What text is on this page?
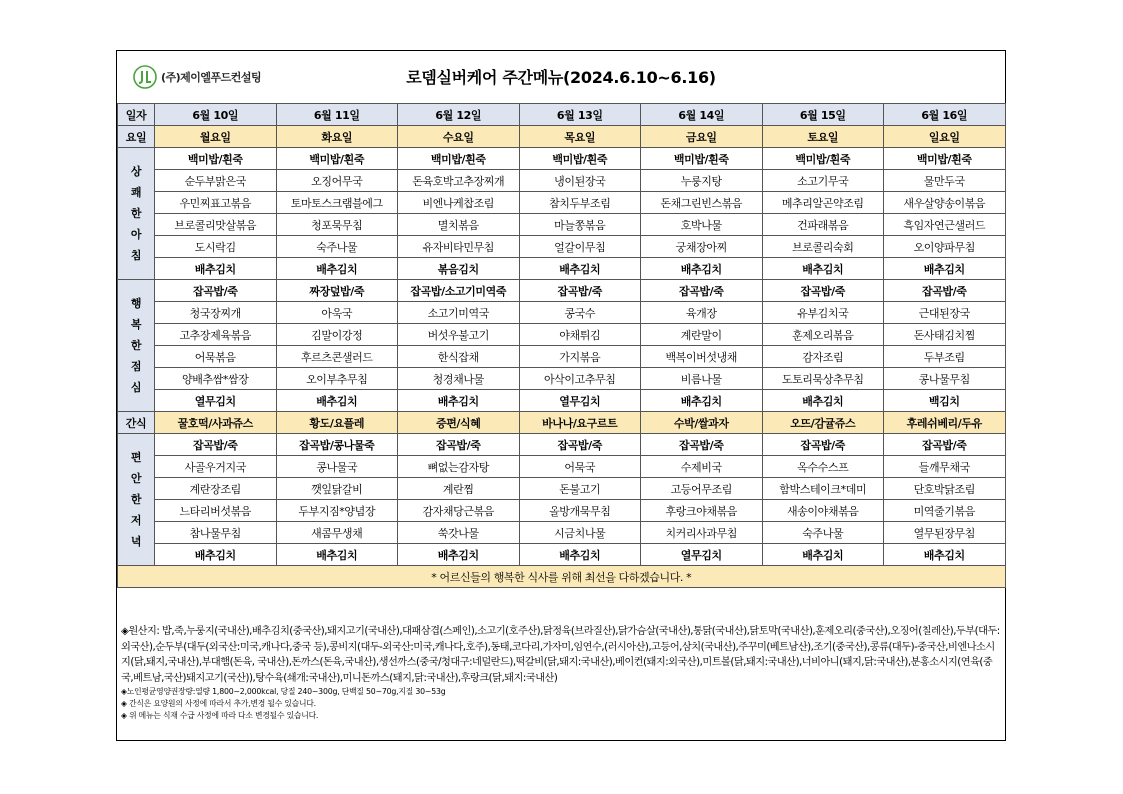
(주)제이엘푸드컨설팅	로뎀실버케어 주간메뉴(2024.6.10~6.16)
일자	6월 10일	6월 11일	6월 12일	6월 13일	6월 14일	6월 15일	6월 16일
요일	월요일	화요일	수요일	목요일	금요일	토요일	일요일
상쾌한아침	백미밥/흰죽	백미밥/흰죽	백미밥/흰죽	백미밥/흰죽	백미밥/흰죽	백미밥/흰죽	백미밥/흰죽
	순두부맑은국	오징어무국	돈육호박고추장찌개	냉이된장국	누룽지탕	소고기무국	물만두국
	우민찌표고볶음	토마토스크램블에그	비엔나케찹조림	참치두부조림	돈채그린빈스볶음	메추리알곤약조림	새우살양송이볶음
	브로콜리맛살볶음	청포묵무침	멸치볶음	마늘쫑볶음	호박나물	건파래볶음	흑임자연근샐러드
	도시락김	숙주나물	유자비타민무침	얼갈이무침	궁채장아찌	브로콜리숙회	오이양파무침
	배추김치	배추김치	볶음김치	배추김치	배추김치	배추김치	배추김치
행복한점심	잡곡밥/죽	짜장덮밥/죽	잡곡밥/소고기미역죽	잡곡밥/죽	잡곡밥/죽	잡곡밥/죽	잡곡밥/죽
	청국장찌개	아욱국	소고기미역국	콩국수	육개장	유부김치국	근대된장국
	고추장제육볶음	김말이강정	버섯우불고기	야채튀김	계란말이	훈제오리볶음	돈사태김치찜
	어묵볶음	후르츠콘샐러드	한식잡채	가지볶음	백복이버섯냉채	감자조림	두부조림
	양배추쌈*쌈장	오이부추무침	청경채나물	아삭이고추무침	비름나물	도토리묵상추무침	콩나물무침
	열무김치	배추김치	배추김치	열무김치	배추김치	배추김치	백김치
간식	꿀호떡/사과쥬스	황도/요플레	증편/식혜	바나나/요구르트	수박/쌀과자	오뜨/감귤쥬스	후레쉬베리/두유
편안한저녁	잡곡밥/죽	잡곡밥/콩나물죽	잡곡밥/죽	잡곡밥/죽	잡곡밥/죽	잡곡밥/죽	잡곡밥/죽
	사골우거지국	콩나물국	뼈없는감자탕	어묵국	수제비국	옥수수스프	들깨무채국
	계란장조림	깻잎닭갈비	계란찜	돈불고기	고등어무조림	함박스테이크*데미	단호박닭조림
	느타리버섯볶음	두부지짐*양념장	감자채당근볶음	올방개묵무침	후랑크야채볶음	새송이야채볶음	미역줄기볶음
	참나물무침	새콤무생채	쑥갓나물	시금치나물	치커리사과무침	숙주나물	열무된장무침
	배추김치	배추김치	배추김치	배추김치	열무김치	배추김치	배추김치
* 어르신들의 행복한 식사를 위해 최선을 다하겠습니다. *							
◈원산지: 밥,죽,누룽지(국내산),배추김치(중국산),돼지고기(국내산),대패삼겹(스페인),소고기(호주산),닭정육(브라질산),닭가슴살(국내산),통닭(국내산),닭토막(국내산),훈제오리(중국산),오징어(칠레산),두부(대두:외국산),순두부(대두(외국산:미국,캐나다,중국 등),콩비지(대두-외국산:미국,캐나다,호주),동태,코다리,가자미,임연수,(러시아산),고등어,삼치(국내산),주꾸미(베트남산),조기(중국산),콩류(대두)-중국산,비엔나소시지(닭,돼지,국내산),부대햄(돈육, 국내산),돈까스(돈육,국내산),생선까스(중국/청대구:네덜란드),떡갈비(닭,돼지:국내산),베이컨(돼지:외국산),미트볼(닭,돼지:국내산),너비아니(돼지,닭:국내산),분홍소시지(연육(중국,베트남,국산)돼지고기(국산)),탕수육(쇄개:국내산),미니돈까스(돼지,닭:국내산),후랑크(닭,돼지:국내산)
◈노인평균영양권장량:열량 1,800~2,000kcal, 당질 240~300g, 단백질 50~70g,지질 30~53g
◈ 간식은 요양원의 사정에 따라서 추가,변경 될수 있습니다.
◈ 위 메뉴는 식재 수급 사정에 따라 다소 변경될수 있습니다.
